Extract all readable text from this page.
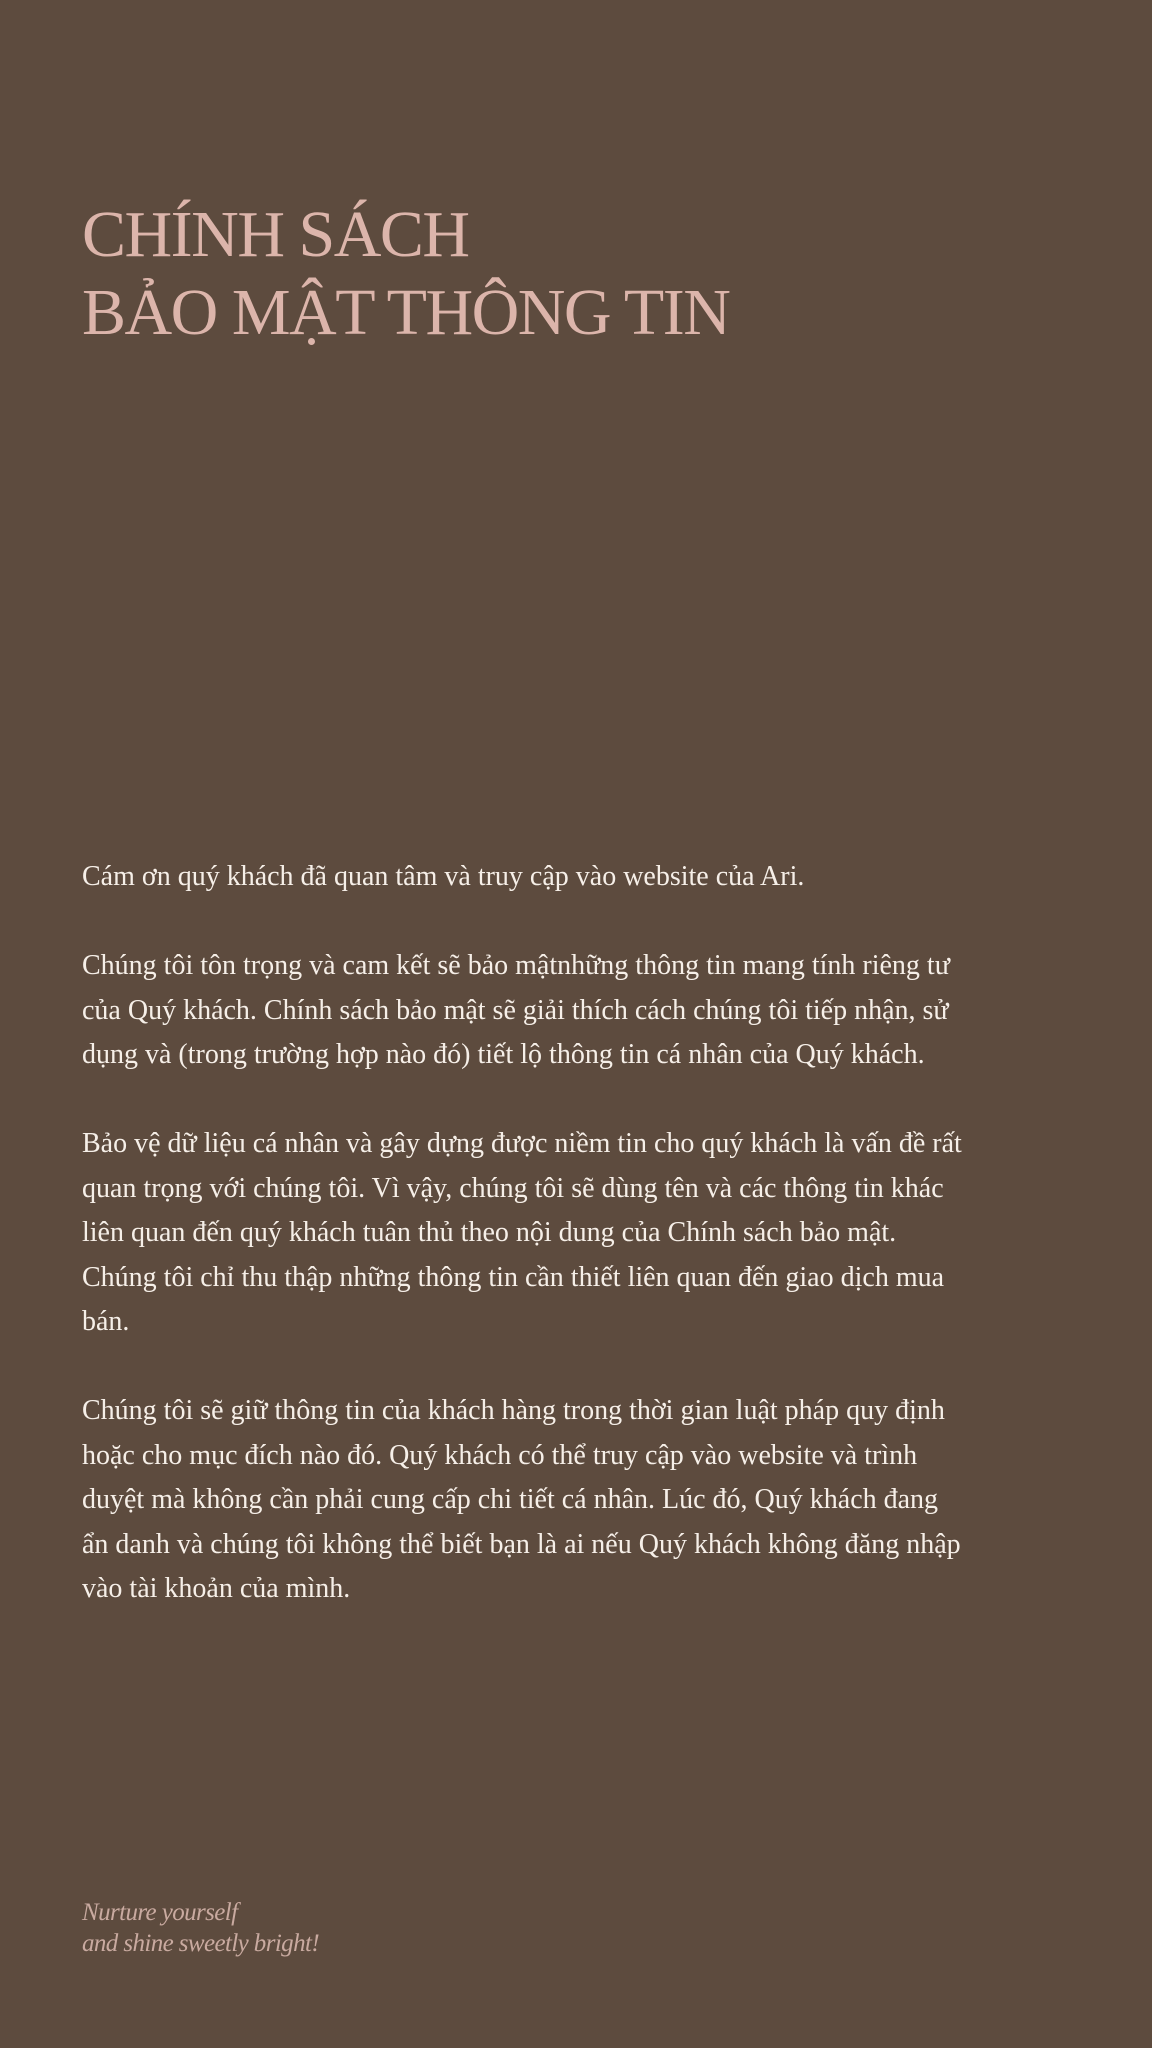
CHÍNH SÁCH
BẢO MẬT THÔNG TIN

Cám ơn quý khách đã quan tâm và truy cập vào website của Ari.

Chúng tôi tôn trọng và cam kết sẽ bảo mậtnhững thông tin mang tính riêng tư của Quý khách. Chính sách bảo mật sẽ giải thích cách chúng tôi tiếp nhận, sử dụng và (trong trường hợp nào đó) tiết lộ thông tin cá nhân của Quý khách.

Bảo vệ dữ liệu cá nhân và gây dựng được niềm tin cho quý khách là vấn đề rất quan trọng với chúng tôi. Vì vậy, chúng tôi sẽ dùng tên và các thông tin khác liên quan đến quý khách tuân thủ theo nội dung của Chính sách bảo mật. Chúng tôi chỉ thu thập những thông tin cần thiết liên quan đến giao dịch mua bán.

Chúng tôi sẽ giữ thông tin của khách hàng trong thời gian luật pháp quy định hoặc cho mục đích nào đó. Quý khách có thể truy cập vào website và trình duyệt mà không cần phải cung cấp chi tiết cá nhân. Lúc đó, Quý khách đang ẩn danh và chúng tôi không thể biết bạn là ai nếu Quý khách không đăng nhập vào tài khoản của mình.

Nurture yourself
and shine sweetly bright!
